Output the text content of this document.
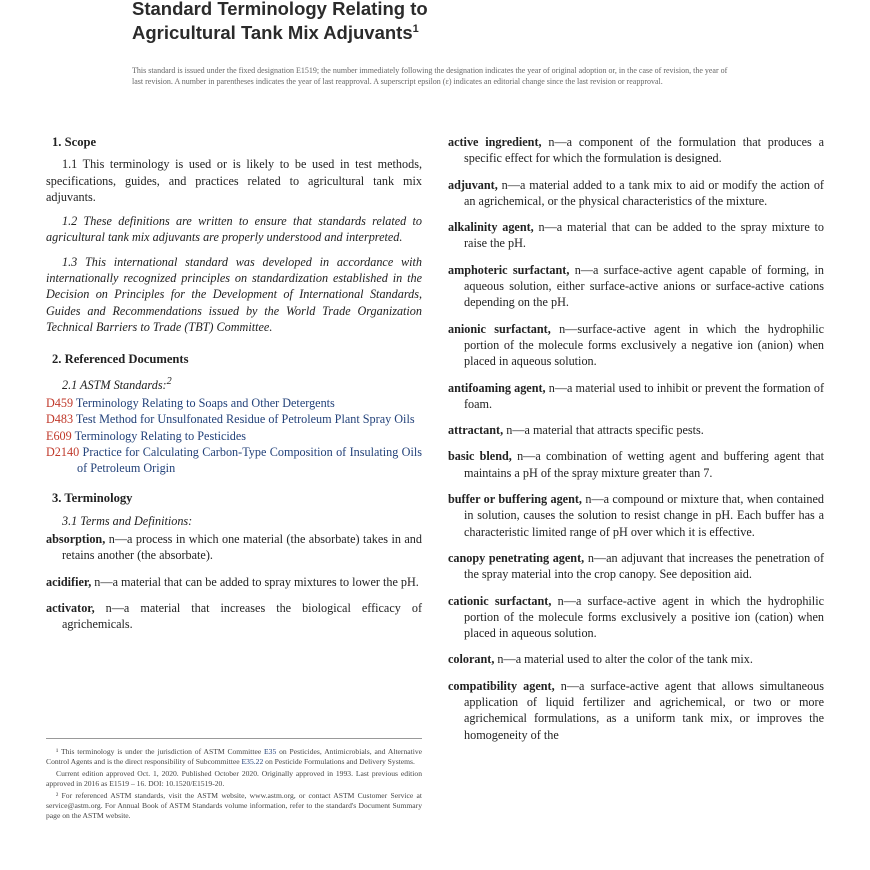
Standard Terminology Relating to
Agricultural Tank Mix Adjuvants$^1$
This standard is issued under the fixed designation E1519; the number immediately following the designation indicates the year of original adoption or, in the case of revision, the year of last revision. A number in parentheses indicates the year of last reapproval. A superscript epsilon (ε) indicates an editorial change since the last revision or reapproval.
1. Scope

1.1 This terminology is used or is likely to be used in test methods, specifications, guides, and practices related to agricultural tank mix adjuvants.

1.2 These definitions are written to ensure that standards related to agricultural tank mix adjuvants are properly understood and interpreted.

1.3 This international standard was developed in accordance with internationally recognized principles on standardization established in the Decision on Principles for the Development of International Standards, Guides and Recommendations issued by the World Trade Organization Technical Barriers to Trade (TBT) Committee.

2. Referenced Documents

2.1 ASTM Standards:$^2$

D459 Terminology Relating to Soaps and Other Detergents

D483 Test Method for Unsulfonated Residue of Petroleum Plant Spray Oils

E609 Terminology Relating to Pesticides

D2140 Practice for Calculating Carbon-Type Composition of Insulating Oils of Petroleum Origin

3. Terminology

3.1 Terms and Definitions:

absorption, n—a process in which one material (the absorbate) takes in and retains another (the absorbate).

acidifier, n—a material that can be added to spray mixtures to lower the pH.

activator, n—a material that increases the biological efficacy of agrichemicals.

¹ This terminology is under the jurisdiction of ASTM Committee E35 on Pesticides, Antimicrobials, and Alternative Control Agents and is the direct responsibility of Subcommittee E35.22 on Pesticide Formulations and Delivery Systems.

Current edition approved Oct. 1, 2020. Published October 2020. Originally approved in 1993. Last previous edition approved in 2016 as E1519 – 16. DOI: 10.1520/E1519-20.

² For referenced ASTM standards, visit the ASTM website, www.astm.org, or contact ASTM Customer Service at service@astm.org. For Annual Book of ASTM Standards volume information, refer to the standard's Document Summary page on the ASTM website.

active ingredient, n—a component of the formulation that produces a specific effect for which the formulation is designed.

adjuvant, n—a material added to a tank mix to aid or modify the action of an agrichemical, or the physical characteristics of the mixture.

alkalinity agent, n—a material that can be added to the spray mixture to raise the pH.

amphoteric surfactant, n—a surface-active agent capable of forming, in aqueous solution, either surface-active anions or surface-active cations depending on the pH.

anionic surfactant, n—surface-active agent in which the hydrophilic portion of the molecule forms exclusively a negative ion (anion) when placed in aqueous solution.

antifoaming agent, n—a material used to inhibit or prevent the formation of foam.

attractant, n—a material that attracts specific pests.

basic blend, n—a combination of wetting agent and buffering agent that maintains a pH of the spray mixture greater than 7.

buffer or buffering agent, n—a compound or mixture that, when contained in solution, causes the solution to resist change in pH. Each buffer has a characteristic limited range of pH over which it is effective.

canopy penetrating agent, n—an adjuvant that increases the penetration of the spray material into the crop canopy. See deposition aid.

cationic surfactant, n—a surface-active agent in which the hydrophilic portion of the molecule forms exclusively a positive ion (cation) when placed in aqueous solution.

colorant, n—a material used to alter the color of the tank mix.

compatibility agent, n—a surface-active agent that allows simultaneous application of liquid fertilizer and agrichemical, or two or more agrichemical formulations, as a uniform tank mix, or improves the homogeneity of the
